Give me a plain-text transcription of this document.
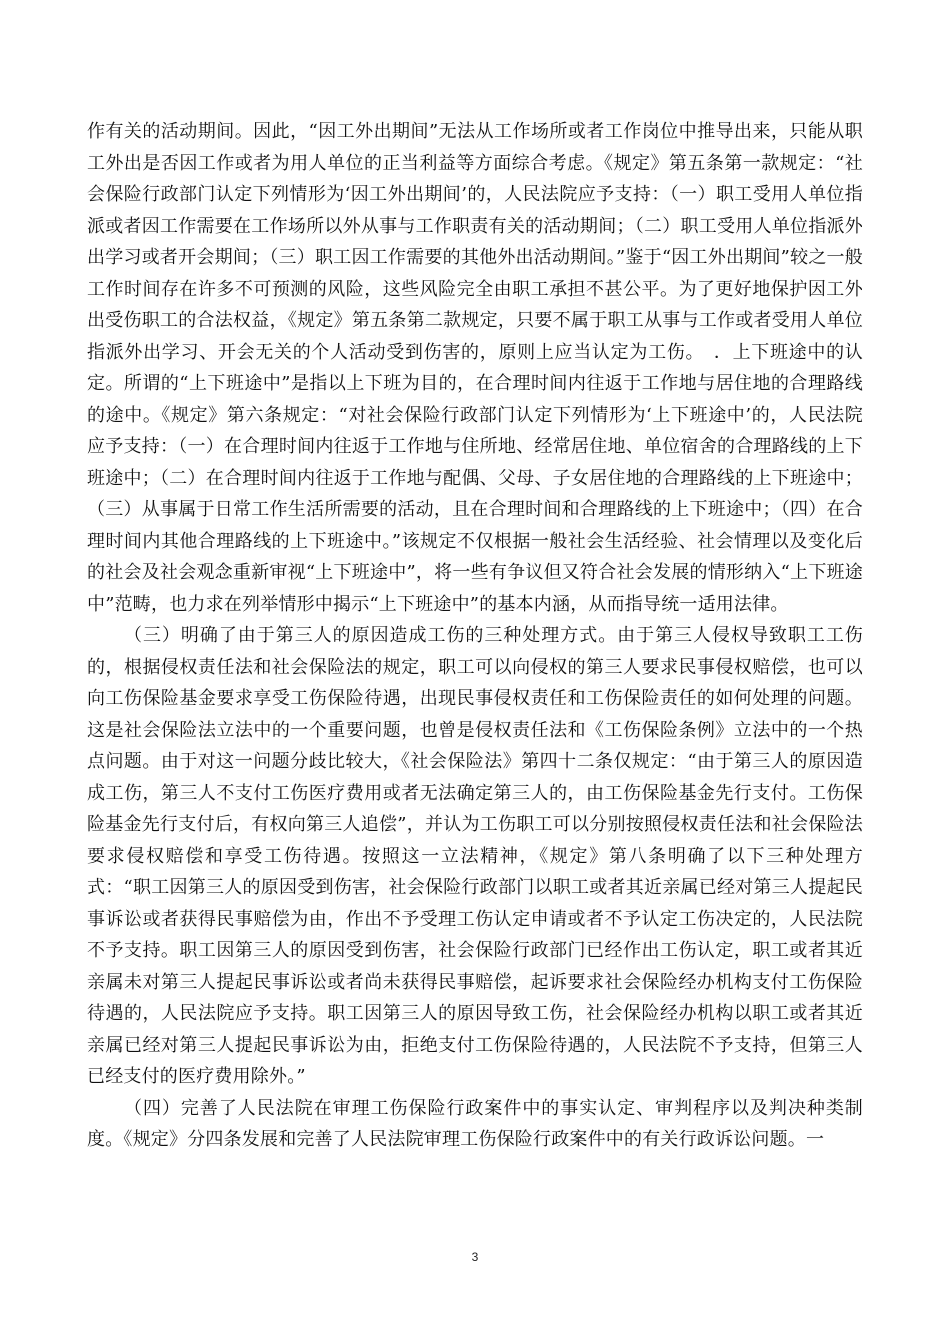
作有关的活动期间。因此，“因工外出期间”无法从工作场所或者工作岗位中推导出来，只能从职工外出是否因工作或者为用人单位的正当利益等方面综合考虑。《规定》第五条第一款规定：“社会保险行政部门认定下列情形为‘因工外出期间’的，人民法院应予支持：（一）职工受用人单位指派或者因工作需要在工作场所以外从事与工作职责有关的活动期间；（二）职工受用人单位指派外出学习或者开会期间；（三）职工因工作需要的其他外出活动期间。”鉴于“因工外出期间”较之一般工作时间存在许多不可预测的风险，这些风险完全由职工承担不甚公平。为了更好地保护因工外出受伤职工的合法权益，《规定》第五条第二款规定，只要不属于职工从事与工作或者受用人单位指派外出学习、开会无关的个人活动受到伤害的，原则上应当认定为工伤。　．上下班途中的认定。所谓的“上下班途中”是指以上下班为目的，在合理时间内往返于工作地与居住地的合理路线的途中。《规定》第六条规定：“对社会保险行政部门认定下列情形为‘上下班途中’的，人民法院应予支持：（一）在合理时间内往返于工作地与住所地、经常居住地、单位宿舍的合理路线的上下班途中；（二）在合理时间内往返于工作地与配偶、父母、子女居住地的合理路线的上下班途中；（三）从事属于日常工作生活所需要的活动，且在合理时间和合理路线的上下班途中；（四）在合理时间内其他合理路线的上下班途中。”该规定不仅根据一般社会生活经验、社会情理以及变化后的社会及社会观念重新审视“上下班途中”，将一些有争议但又符合社会发展的情形纳入“上下班途中”范畴，也力求在列举情形中揭示“上下班途中”的基本内涵，从而指导统一适用法律。

（三）明确了由于第三人的原因造成工伤的三种处理方式。由于第三人侵权导致职工工伤的，根据侵权责任法和社会保险法的规定，职工可以向侵权的第三人要求民事侵权赔偿，也可以向工伤保险基金要求享受工伤保险待遇，出现民事侵权责任和工伤保险责任的如何处理的问题。这是社会保险法立法中的一个重要问题，也曾是侵权责任法和《工伤保险条例》立法中的一个热点问题。由于对这一问题分歧比较大，《社会保险法》第四十二条仅规定：“由于第三人的原因造成工伤，第三人不支付工伤医疗费用或者无法确定第三人的，由工伤保险基金先行支付。工伤保险基金先行支付后，有权向第三人追偿”，并认为工伤职工可以分别按照侵权责任法和社会保险法要求侵权赔偿和享受工伤待遇。按照这一立法精神，《规定》第八条明确了以下三种处理方式：“职工因第三人的原因受到伤害，社会保险行政部门以职工或者其近亲属已经对第三人提起民事诉讼或者获得民事赔偿为由，作出不予受理工伤认定申请或者不予认定工伤决定的，人民法院不予支持。职工因第三人的原因受到伤害，社会保险行政部门已经作出工伤认定，职工或者其近亲属未对第三人提起民事诉讼或者尚未获得民事赔偿，起诉要求社会保险经办机构支付工伤保险待遇的，人民法院应予支持。职工因第三人的原因导致工伤，社会保险经办机构以职工或者其近亲属已经对第三人提起民事诉讼为由，拒绝支付工伤保险待遇的，人民法院不予支持，但第三人已经支付的医疗费用除外。”

（四）完善了人民法院在审理工伤保险行政案件中的事实认定、审判程序以及判决种类制度。《规定》分四条发展和完善了人民法院审理工伤保险行政案件中的有关行政诉讼问题。一

3
